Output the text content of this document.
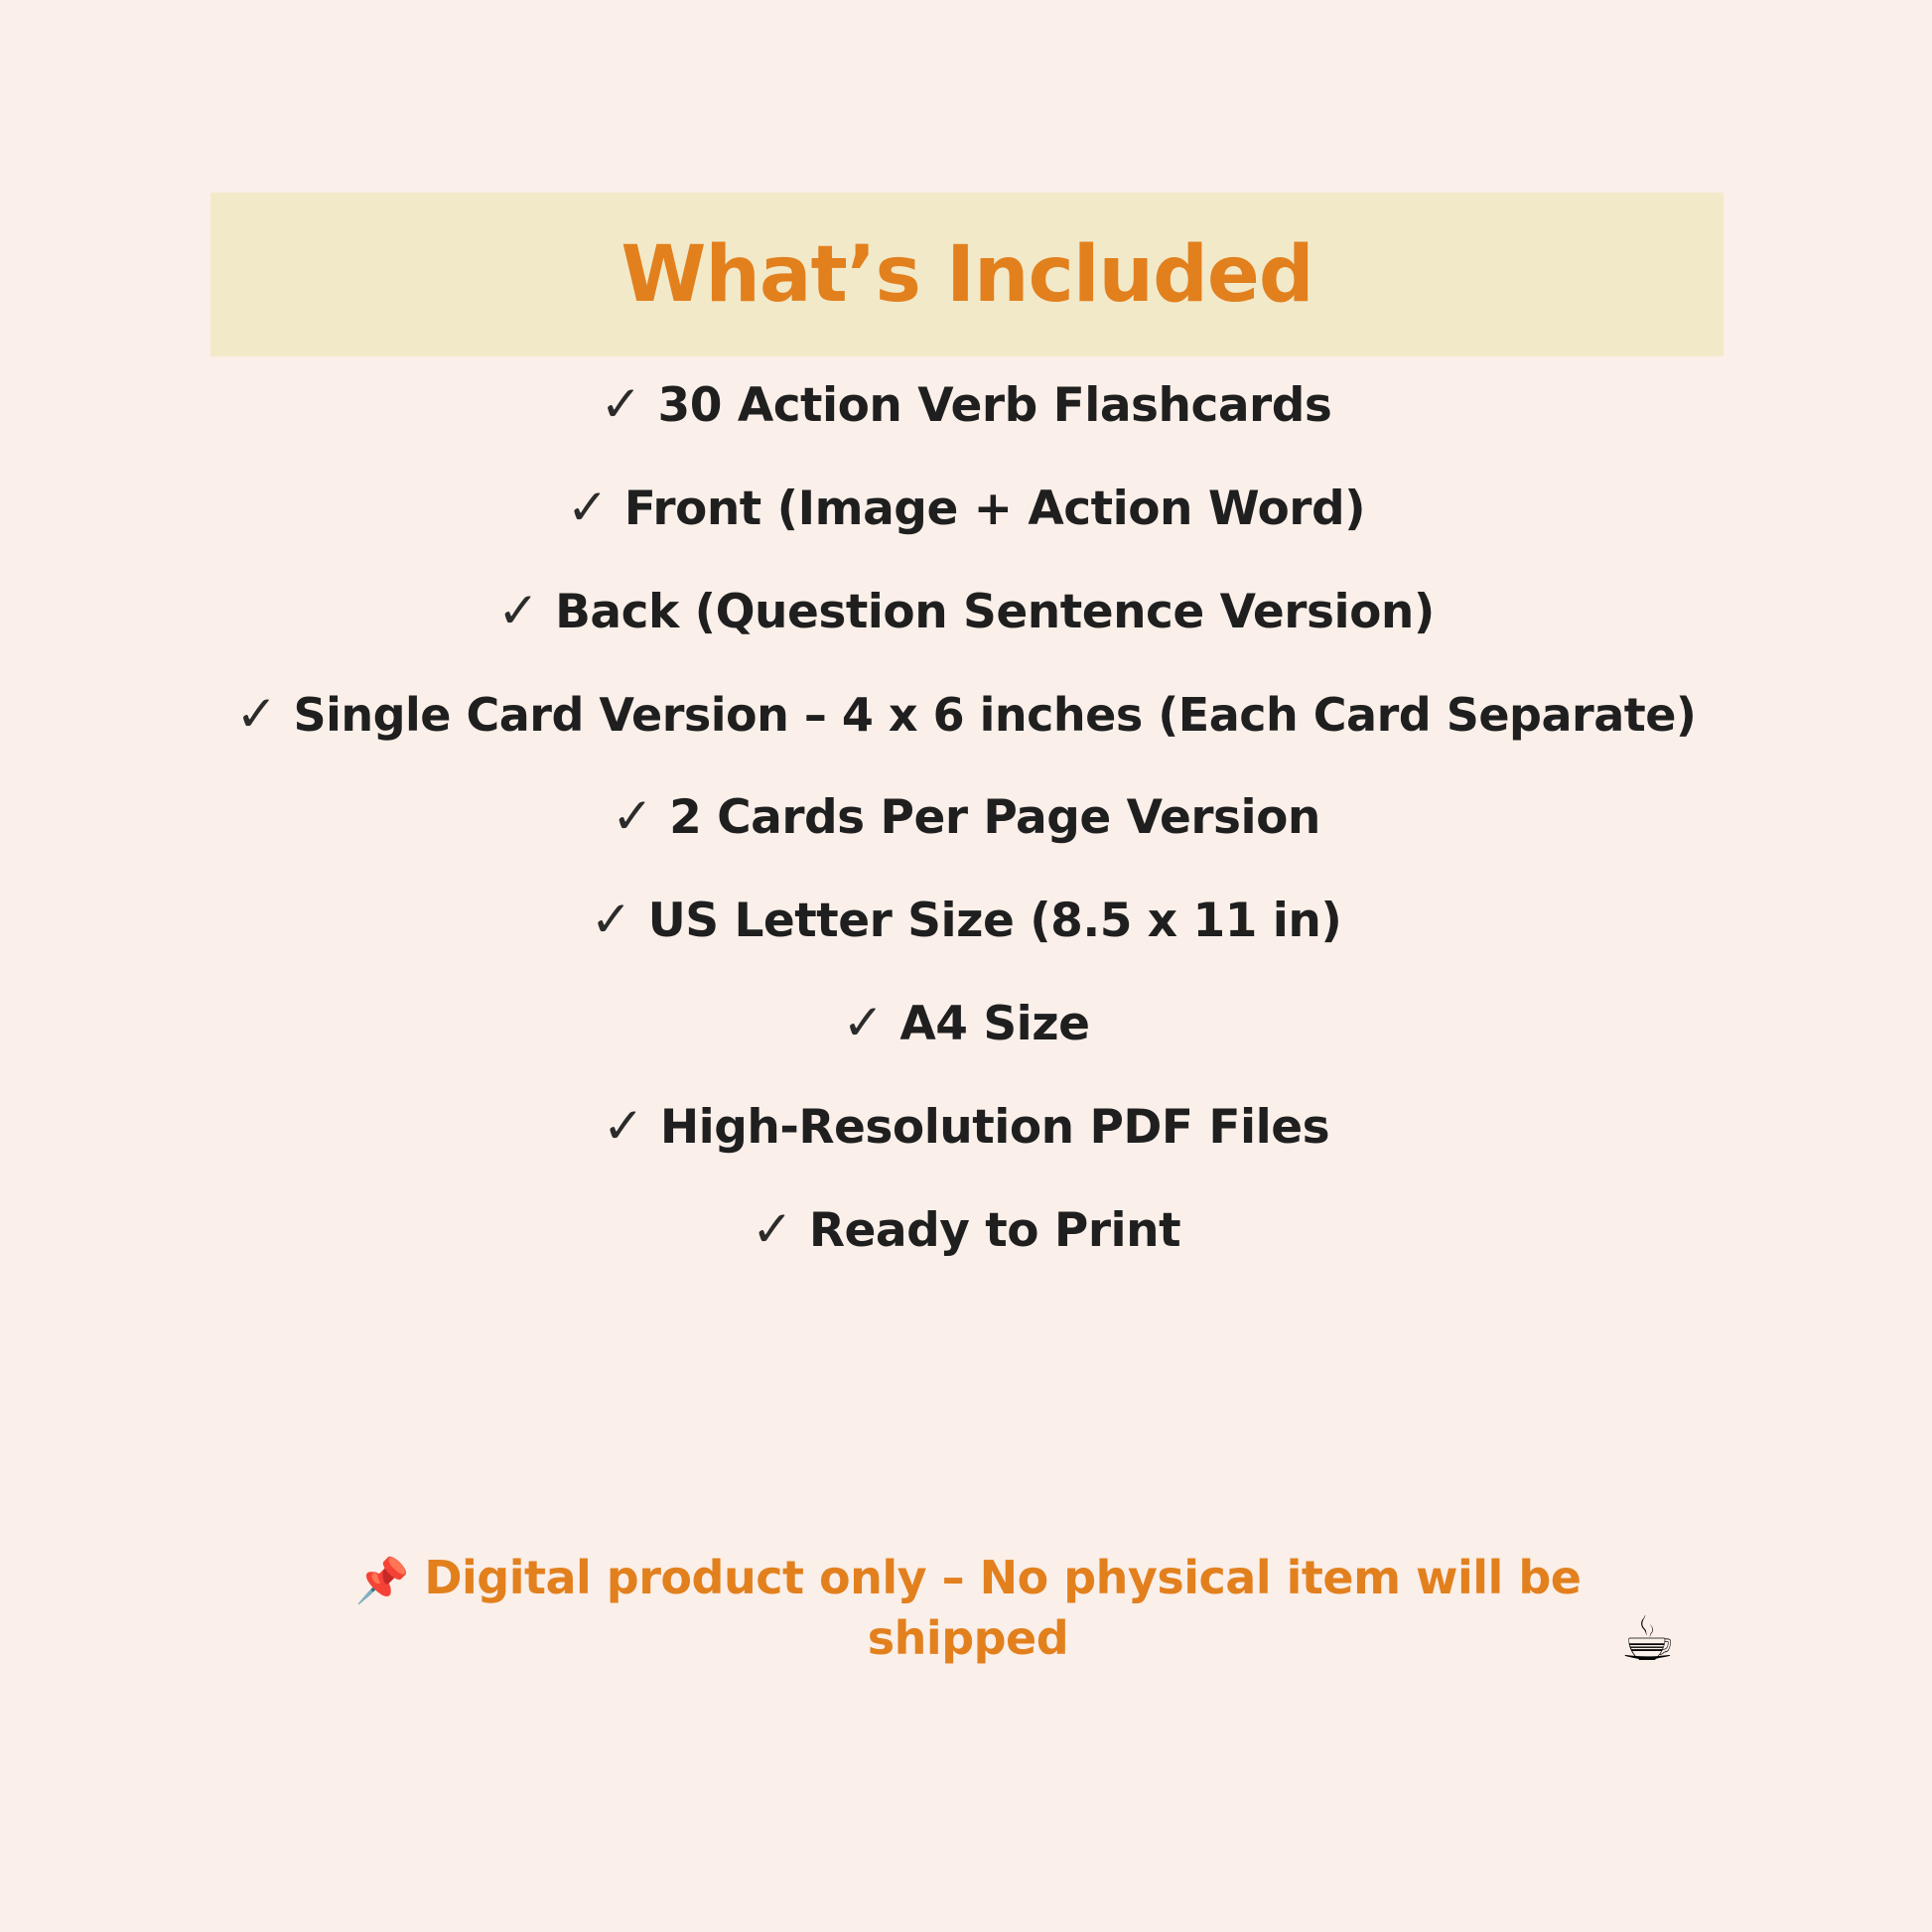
What’s Included
✓ 30 Action Verb Flashcards
✓ Front (Image + Action Word)
✓ Back (Question Sentence Version)
✓ Single Card Version – 4 x 6 inches (Each Card Separate)
✓ 2 Cards Per Page Version
✓ US Letter Size (8.5 x 11 in)
✓ A4 Size
✓ High-Resolution PDF Files
✓ Ready to Print
📌 Digital product only – No physical item will be shipped	☕
